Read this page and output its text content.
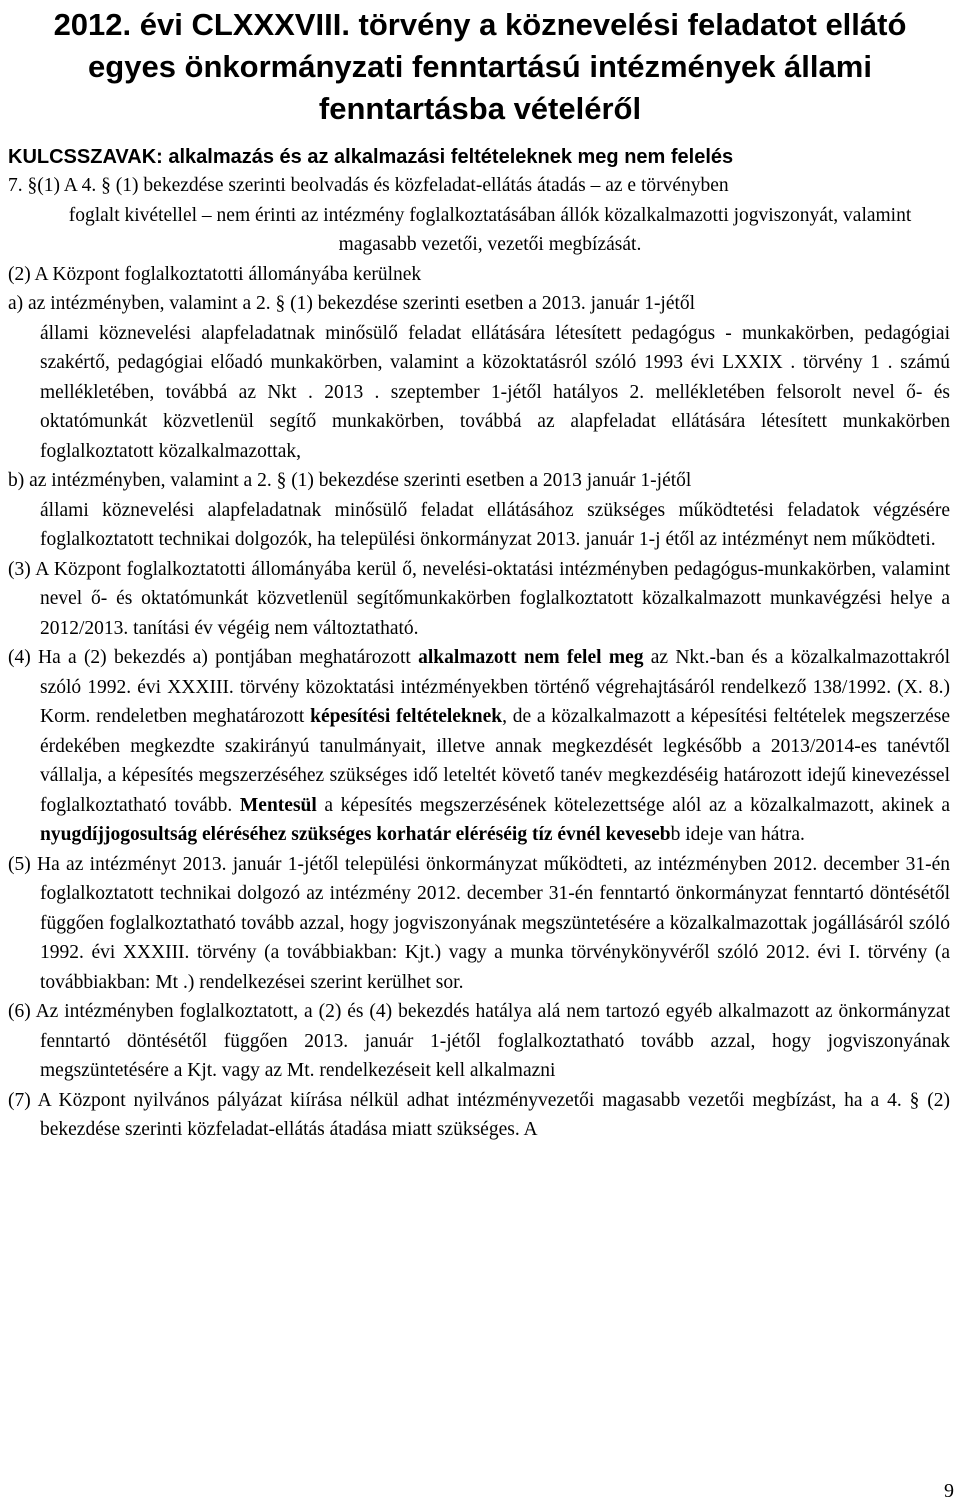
2012. évi CLXXXVIII. törvény a köznevelési feladatot ellátó egyes önkormányzati fenntartású intézmények állami fenntartásba vételéről
KULCSSZAVAK: alkalmazás és az alkalmazási feltételeknek meg nem felelés
7. §(1) A 4. § (1) bekezdése szerinti beolvadás és közfeladat-ellátás átadás – az e törvényben
foglalt kivétellel – nem érinti az intézmény foglalkoztatásában állók közalkalmazotti jogviszonyát, valamint magasabb vezetői, vezetői megbízását.
(2) A Központ foglalkoztatotti állományába kerülnek
a) az intézményben, valamint a 2. § (1) bekezdése szerinti esetben a 2013. január 1-jétől
állami köznevelési alapfeladatnak minősülő feladat ellátására létesített pedagógus - munkakörben, pedagógiai szakértő, pedagógiai előadó munkakörben, valamint a közoktatásról szóló 1993 évi LXXIX . törvény 1 . számú mellékletében, továbbá az Nkt . 2013 . szeptember 1-jétől hatályos 2. mellékletében felsorolt nevel ő- és oktatómunkát közvetlenül segítő munkakörben, továbbá az alapfeladat ellátására létesített munkakörben foglalkoztatott közalkalmazottak,
b) az intézményben, valamint a 2. § (1) bekezdése szerinti esetben a 2013 január 1-jétől
állami köznevelési alapfeladatnak minősülő feladat ellátásához szükséges működtetési feladatok végzésére foglalkoztatott technikai dolgozók, ha települési önkormányzat 2013. január 1-j étől az intézményt nem működteti.
(3) A Központ foglalkoztatotti állományába kerül ő, nevelési-oktatási intézményben pedagógus-munkakörben, valamint nevel ő- és oktatómunkát közvetlenül segítőmunkakörben foglalkoztatott közalkalmazott munkavégzési helye a 2012/2013. tanítási év végéig nem változtatható.
(4) Ha a (2) bekezdés a) pontjában meghatározott alkalmazott nem felel meg az Nkt.-ban és a közalkalmazottakról szóló 1992. évi XXXIII. törvény közoktatási intézményekben történő végrehajtásáról rendelkező 138/1992. (X. 8.) Korm. rendeletben meghatározott képesítési feltételeknek, de a közalkalmazott a képesítési feltételek megszerzése érdekében megkezdte szakirányú tanulmányait, illetve annak megkezdését legkésőbb a 2013/2014-es tanévtől vállalja, a képesítés megszerzéséhez szükséges idő leteltét követő tanév megkezdéséig határozott idejű kinevezéssel foglalkoztatható tovább. Mentesül a képesítés megszerzésének kötelezettsége alól az a közalkalmazott, akinek a nyugdíjjogosultság eléréséhez szükséges korhatár eléréséig tíz évnél kevesebb ideje van hátra.
(5) Ha az intézményt 2013. január 1-jétől települési önkormányzat működteti, az intézményben 2012. december 31-én foglalkoztatott technikai dolgozó az intézmény 2012. december 31-én fenntartó önkormányzat fenntartó döntésétől függően foglalkoztatható tovább azzal, hogy jogviszonyának megszüntetésére a közalkalmazottak jogállásáról szóló 1992. évi XXXIII. törvény (a továbbiakban: Kjt.) vagy a munka törvénykönyvéről szóló 2012. évi I. törvény (a továbbiakban: Mt .) rendelkezései szerint kerülhet sor.
(6) Az intézményben foglalkoztatott, a (2) és (4) bekezdés hatálya alá nem tartozó egyéb alkalmazott az önkormányzat fenntartó döntésétől függően 2013. január 1-jétől foglalkoztatható tovább azzal, hogy jogviszonyának megszüntetésére a Kjt. vagy az Mt. rendelkezéseit kell alkalmazni
(7) A Központ nyilvános pályázat kiírása nélkül adhat intézményvezetői magasabb vezetői megbízást, ha a 4. § (2) bekezdése szerinti közfeladat-ellátás átadása miatt szükséges. A
9
